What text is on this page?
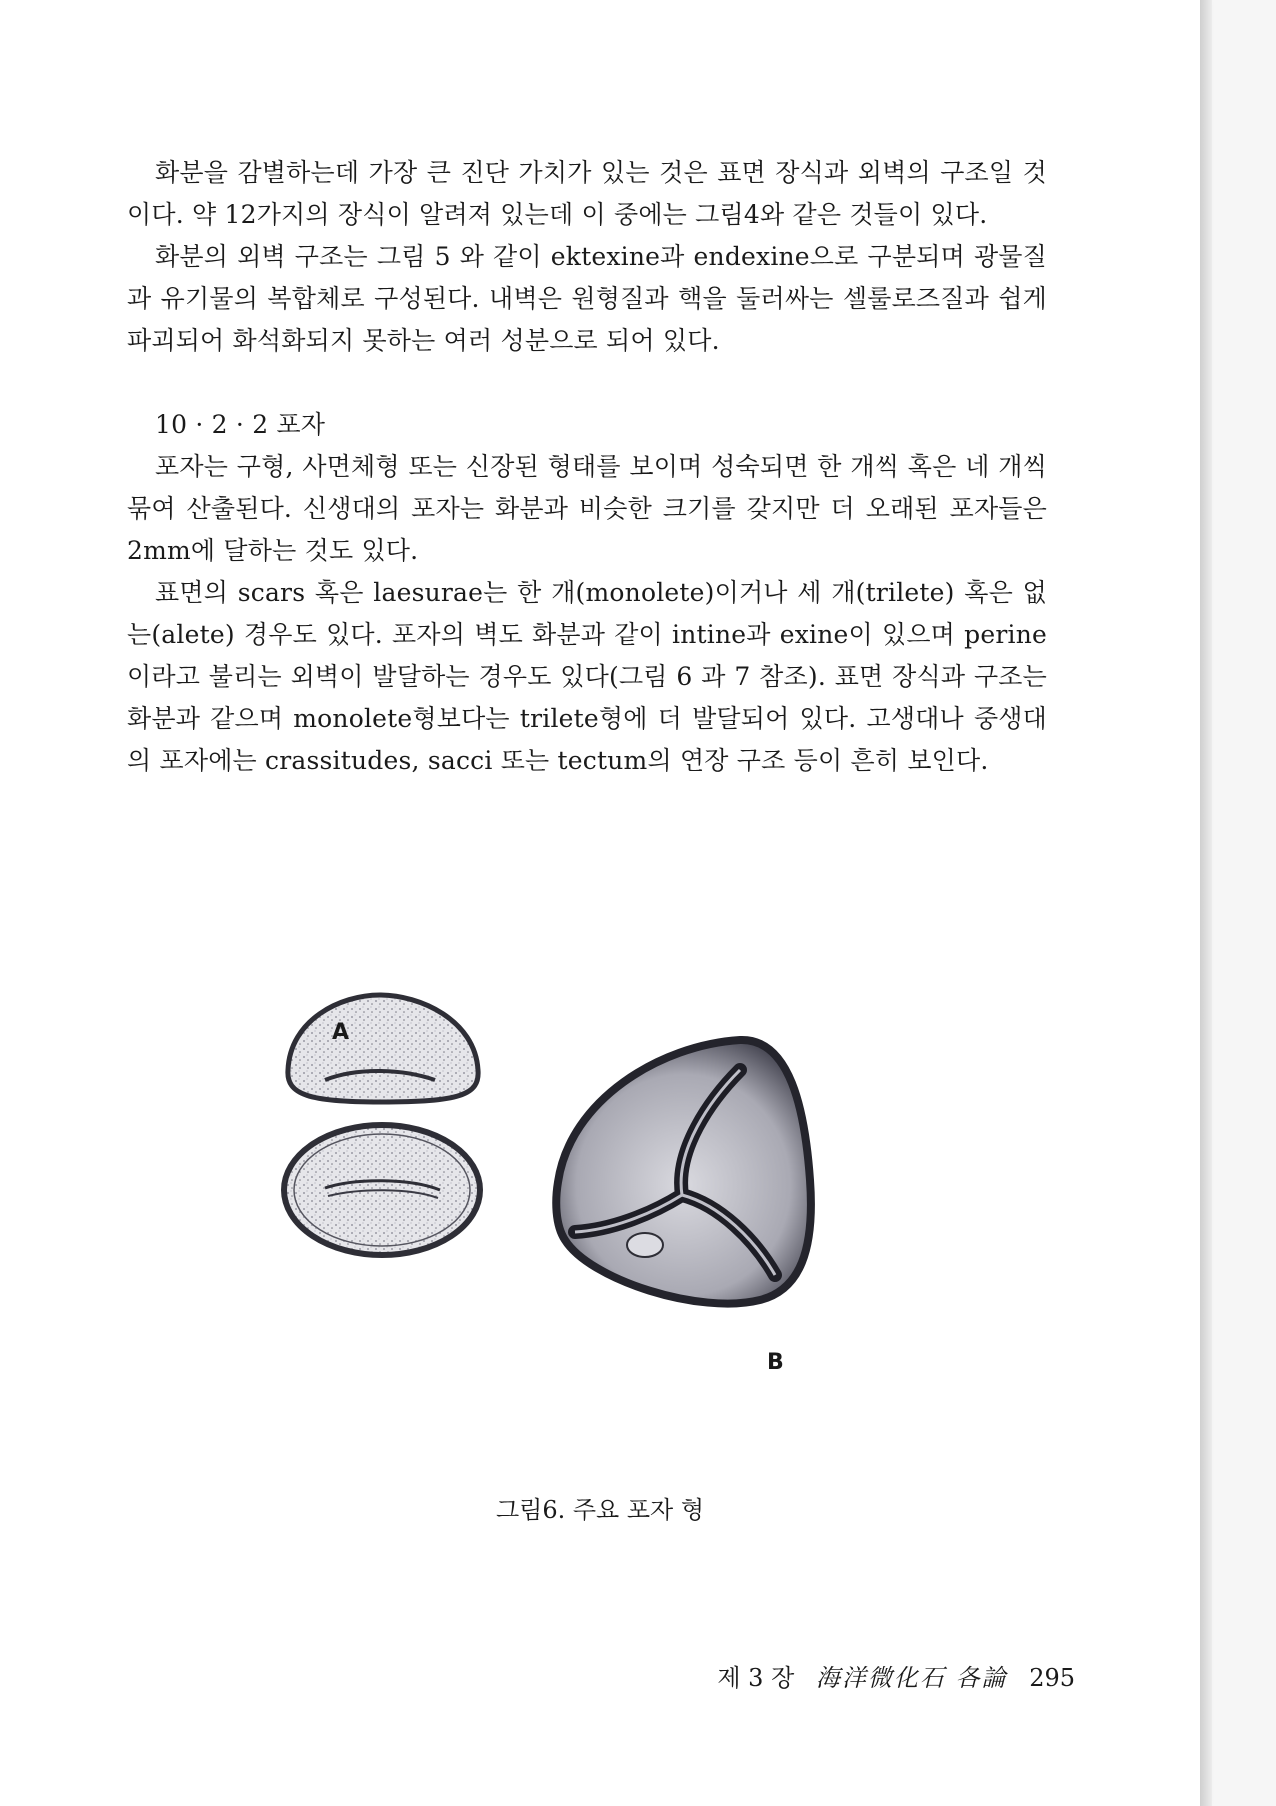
화분을 감별하는데 가장 큰 진단 가치가 있는 것은 표면 장식과 외벽의 구조일 것이다. 약 12가지의 장식이 알려져 있는데 이 중에는 그림4와 같은 것들이 있다.

화분의 외벽 구조는 그림 5 와 같이 ektexine과 endexine으로 구분되며 광물질과 유기물의 복합체로 구성된다. 내벽은 원형질과 핵을 둘러싸는 셀룰로즈질과 쉽게 파괴되어 화석화되지 못하는 여러 성분으로 되어 있다.

10 · 2 · 2 포자

포자는 구형, 사면체형 또는 신장된 형태를 보이며 성숙되면 한 개씩 혹은 네 개씩 묶여 산출된다. 신생대의 포자는 화분과 비슷한 크기를 갖지만 더 오래된 포자들은 2mm에 달하는 것도 있다.

표면의 scars 혹은 laesurae는 한 개(monolete)이거나 세 개(trilete) 혹은 없는(alete) 경우도 있다. 포자의 벽도 화분과 같이 intine과 exine이 있으며 perine이라고 불리는 외벽이 발달하는 경우도 있다(그림 6 과 7 참조). 표면 장식과 구조는 화분과 같으며 monolete형보다는 trilete형에 더 발달되어 있다. 고생대나 중생대의 포자에는 crassitudes, sacci 또는 tectum의 연장 구조 등이 흔히 보인다.

A
B
그림6. 주요 포자 형
제 3 장 海洋微化石 各論 295
